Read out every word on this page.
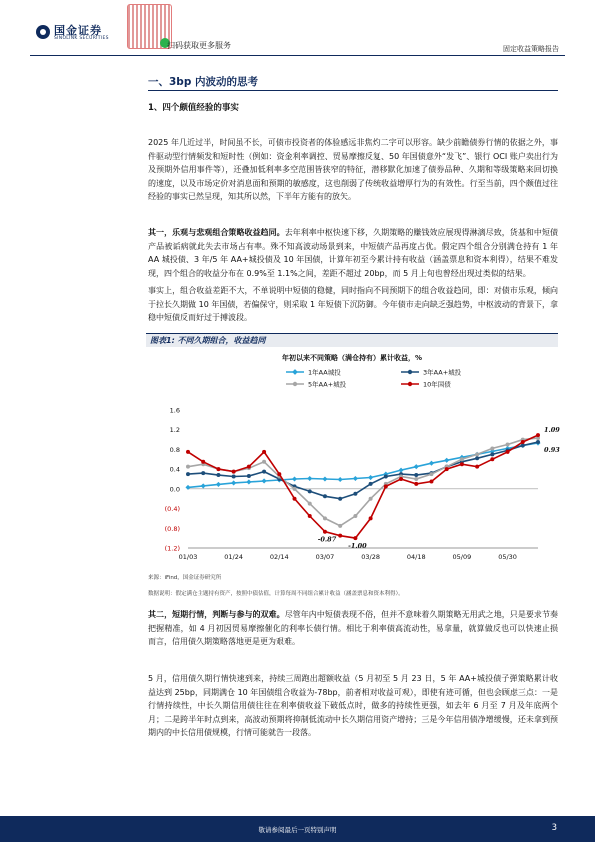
国金证券
SINOLINK SECURITIES
扫码获取更多服务	固定收益策略报告
一、3bp 内波动的思考
1、四个颇值经验的事实

2025 年几近过半，时间虽不长，可债市投资者的体验感远非焦灼二字可以形容。缺少前瞻债券行情的依据之外，事件驱动型行情频发和短时性（例如：资金利率调控、贸易摩擦反复、50 年国债意外“发飞”、银行 OCI 账户卖出行为及预期外信用事件等），还叠加低利率多空范围皆狭窄的特征，潜移默化加速了债券品种、久期和等级策略来回切换的速度，以及市场定价对消息面和预期的敏感度，这也削弱了传统收益增厚行为的有效性。行至当前，四个颇值过往经验的事实已然呈现，知其所以然，下半年方能有的放矢。

其一，乐观与悲观组合策略收益趋同。去年利率中枢快速下移，久期策略的赚钱效应展现得淋漓尽致，货基和中短债产品被诟病就此失去市场占有率。殊不知高波动场景到来，中短债产品再度占优。假定四个组合分别满仓持有 1 年 AA 城投债、3 年/5 年 AA+城投债及 10 年国债，计算年初至今累计持有收益（涵盖票息和资本利得），结果不难发现，四个组合的收益分布在 0.9%至 1.1%之间，差距不超过 20bp，而 5 月上旬也曾经出现过类似的结果。

事实上，组合收益差距不大，不单说明中短债的稳健，同时指向不同预期下的组合收益趋同，即：对债市乐观，倾向于拉长久期做 10 年国债，若偏保守，则采取 1 年短债下沉防御。今年债市走向缺乏强趋势，中枢波动的背景下，拿稳中短债反而好过于搏波段。

图表1: 不同久期组合，收益趋同
年初以来不同策略（满仓持有）累计收益，%
1年AA城投	3年AA+城投
5年AA+城投	10年国债
1.6
1.2
0.8
0.4
0.0
(0.4)
(0.8)
(1.2)
01/03	01/24	02/14	03/07	03/28	04/18	05/09	05/30
-0.87
-1.00
1.09
0.93
来源：iFind，国金证券研究所
数据说明：假定满仓主题持有资产，按照中债估值，计算每周不同组合累计收益（涵盖票息和资本利得）。

其二，短期行情，判断与参与的双难。尽管年内中短债表现不俗，但并不意味着久期策略无用武之地，只是要求节奏把握精准，如 4 月初因贸易摩擦催化的利率长债行情。相比于利率债高流动性，易拿量，就算做反也可以快速止损而言，信用债久期策略落地更是更为艰难。

5 月，信用债久期行情快速到来，持续三周跑出超额收益（5 月初至 5 月 23 日，5 年 AA+城投债子弹策略累计收益达到 25bp，同期满仓 10 年国债组合收益为-78bp，前者相对收益可观），即使有迹可循，但也会顾虑三点：一是行情持续性，中长久期信用债往往在利率债收益下破低点时，做多的持续性更强，如去年 6 月至 7 月及年底两个月；二是跨半年时点到来，高波动预期将抑制低流动中长久期信用资产增持；三是今年信用债净增缓慢，还未拿到预期内的中长信用债规模，行情可能就告一段落。

敬请参阅最后一页特别声明	3
